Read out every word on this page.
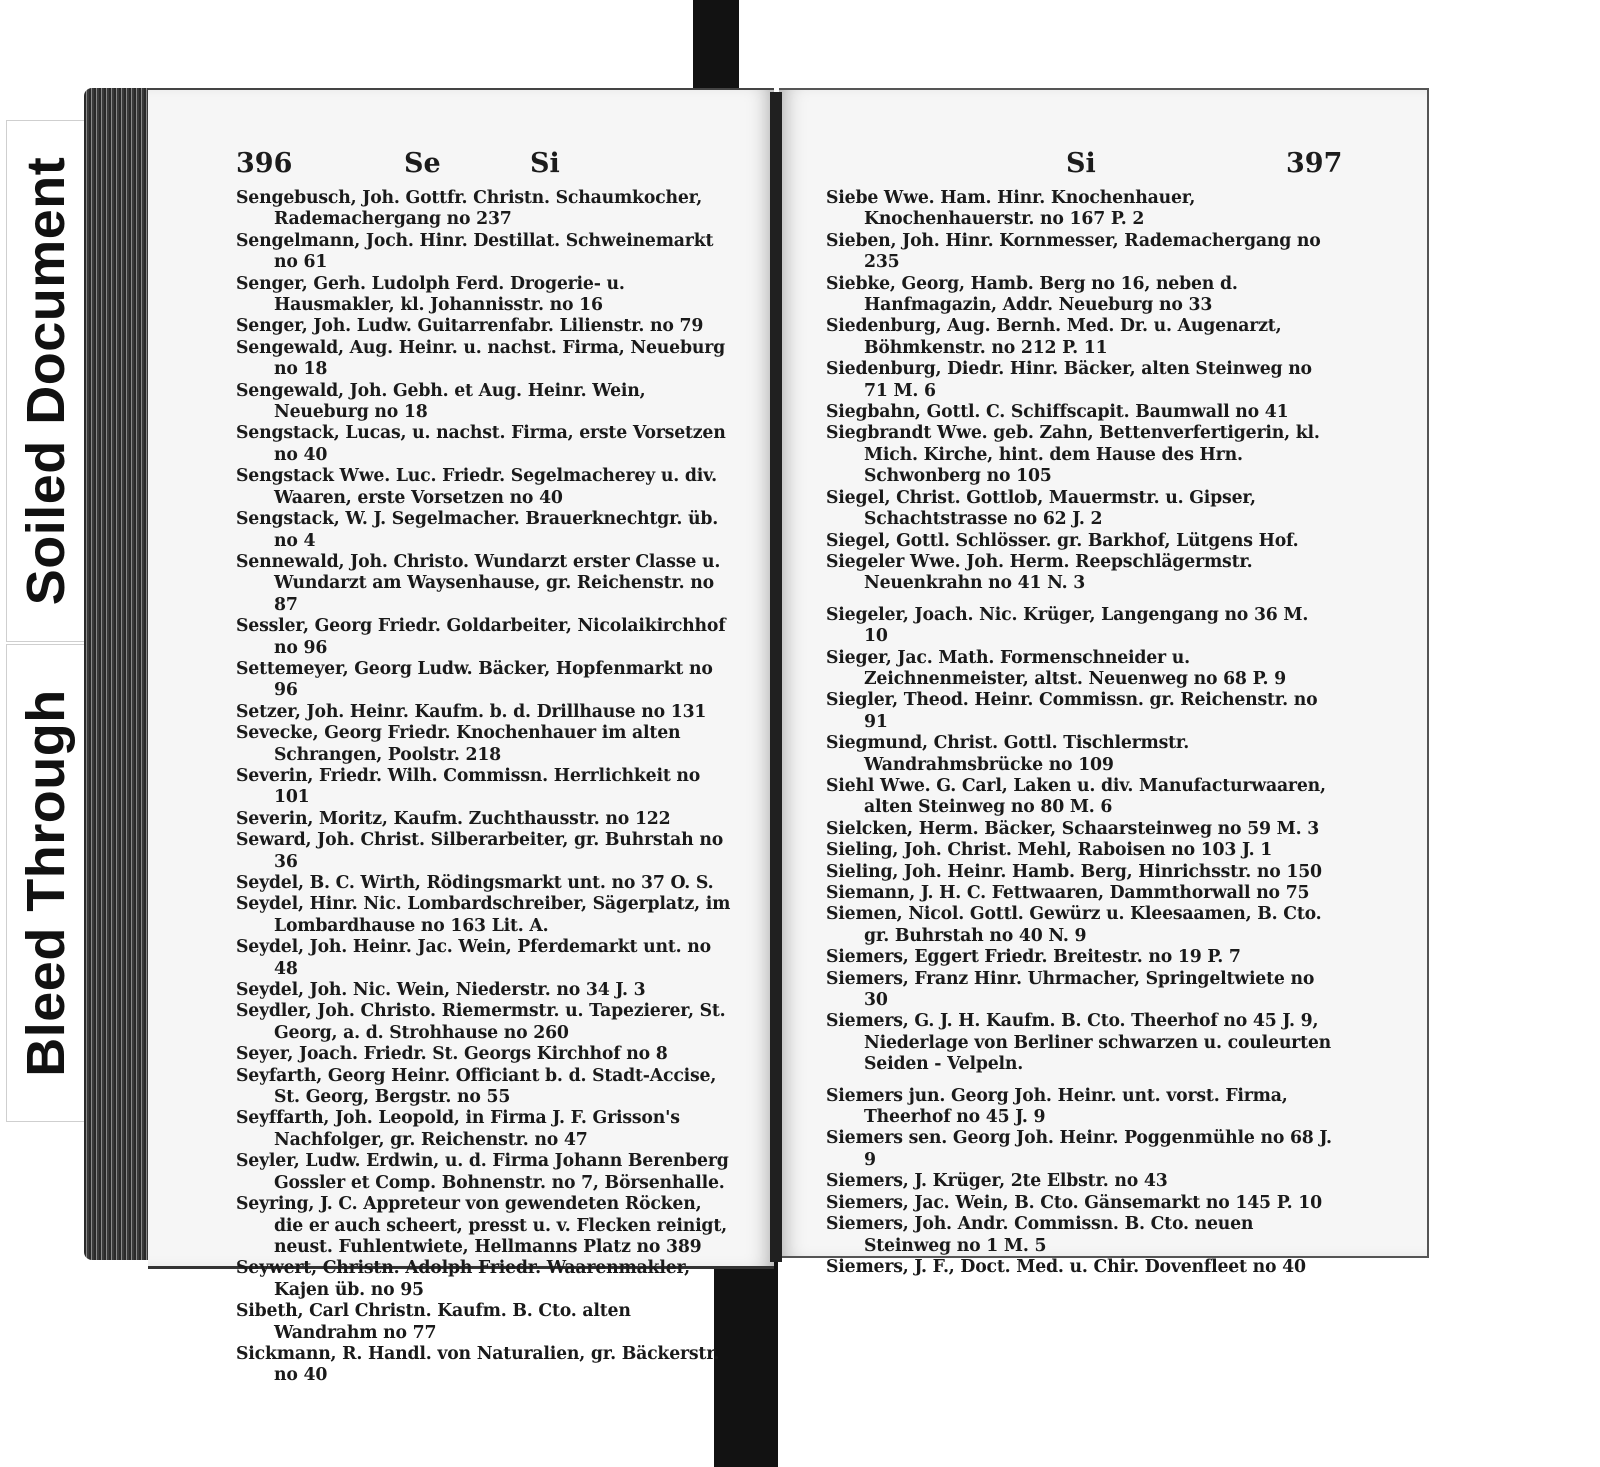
Soiled Document
Bleed Through
396	Se	Si	Si	397
Sengebusch, Joh. Gottfr. Christn. Schaumkocher, Rademachergang no 237
Sengelmann, Joch. Hinr. Destillat. Schweinemarkt no 61
Senger, Gerh. Ludolph Ferd. Drogerie- u. Hausmakler, kl. Johannisstr. no 16
Senger, Joh. Ludw. Guitarrenfabr. Lilienstr. no 79
Sengewald, Aug. Heinr. u. nachst. Firma, Neueburg no 18
Sengewald, Joh. Gebh. et Aug. Heinr. Wein, Neueburg no 18
Sengstack, Lucas, u. nachst. Firma, erste Vorsetzen no 40
Sengstack Wwe. Luc. Friedr. Segelmacherey u. div. Waaren, erste Vorsetzen no 40
Sengstack, W. J. Segelmacher. Brauerknechtgr. üb. no 4
Sennewald, Joh. Christo. Wundarzt erster Classe u. Wundarzt am Waysenhause, gr. Reichenstr. no 87
Sessler, Georg Friedr. Goldarbeiter, Nicolaikirchhof no 96
Settemeyer, Georg Ludw. Bäcker, Hopfenmarkt no 96
Setzer, Joh. Heinr. Kaufm. b. d. Drillhause no 131
Sevecke, Georg Friedr. Knochenhauer im alten Schrangen, Poolstr. 218
Severin, Friedr. Wilh. Commissn. Herrlichkeit no 101
Severin, Moritz, Kaufm. Zuchthausstr. no 122
Seward, Joh. Christ. Silberarbeiter, gr. Buhrstah no 36
Seydel, B. C. Wirth, Rödingsmarkt unt. no 37 O. S.
Seydel, Hinr. Nic. Lombardschreiber, Sägerplatz, im Lombardhause no 163 Lit. A.
Seydel, Joh. Heinr. Jac. Wein, Pferdemarkt unt. no 48
Seydel, Joh. Nic. Wein, Niederstr. no 34 J. 3
Seydler, Joh. Christo. Riemermstr. u. Tapezierer, St. Georg, a. d. Strohhause no 260
Seyer, Joach. Friedr. St. Georgs Kirchhof no 8
Seyfarth, Georg Heinr. Officiant b. d. Stadt-Accise, St. Georg, Bergstr. no 55
Seyffarth, Joh. Leopold, in Firma J. F. Grisson's Nachfolger, gr. Reichenstr. no 47
Seyler, Ludw. Erdwin, u. d. Firma Johann Berenberg Gossler et Comp. Bohnenstr. no 7, Börsenhalle.
Seyring, J. C. Appreteur von gewendeten Röcken, die er auch scheert, presst u. v. Flecken reinigt, neust. Fuhlentwiete, Hellmanns Platz no 389
Seywert, Christn. Adolph Friedr. Waarenmakler, Kajen üb. no 95
Sibeth, Carl Christn. Kaufm. B. Cto. alten Wandrahm no 77
Sickmann, R. Handl. von Naturalien, gr. Bäckerstr. no 40
Siebe Wwe. Ham. Hinr. Knochenhauer, Knochenhauerstr. no 167 P. 2
Sieben, Joh. Hinr. Kornmesser, Rademachergang no 235
Siebke, Georg, Hamb. Berg no 16, neben d. Hanfmagazin, Addr. Neueburg no 33
Siedenburg, Aug. Bernh. Med. Dr. u. Augenarzt, Böhmkenstr. no 212 P. 11
Siedenburg, Diedr. Hinr. Bäcker, alten Steinweg no 71 M. 6
Siegbahn, Gottl. C. Schiffscapit. Baumwall no 41
Siegbrandt Wwe. geb. Zahn, Bettenverfertigerin, kl. Mich. Kirche, hint. dem Hause des Hrn. Schwonberg no 105
Siegel, Christ. Gottlob, Mauermstr. u. Gipser, Schachtstrasse no 62 J. 2
Siegel, Gottl. Schlösser. gr. Barkhof, Lütgens Hof.
Siegeler Wwe. Joh. Herm. Reepschlägermstr. Neuenkrahn no 41 N. 3
Siegeler, Joach. Nic. Krüger, Langengang no 36 M. 10
Sieger, Jac. Math. Formenschneider u. Zeichnenmeister, altst. Neuenweg no 68 P. 9
Siegler, Theod. Heinr. Commissn. gr. Reichenstr. no 91
Siegmund, Christ. Gottl. Tischlermstr. Wandrahmsbrücke no 109
Siehl Wwe. G. Carl, Laken u. div. Manufacturwaaren, alten Steinweg no 80 M. 6
Sielcken, Herm. Bäcker, Schaarsteinweg no 59 M. 3
Sieling, Joh. Christ. Mehl, Raboisen no 103 J. 1
Sieling, Joh. Heinr. Hamb. Berg, Hinrichsstr. no 150
Siemann, J. H. C. Fettwaaren, Dammthorwall no 75
Siemen, Nicol. Gottl. Gewürz u. Kleesaamen, B. Cto. gr. Buhrstah no 40 N. 9
Siemers, Eggert Friedr. Breitestr. no 19 P. 7
Siemers, Franz Hinr. Uhrmacher, Springeltwiete no 30
Siemers, G. J. H. Kaufm. B. Cto. Theerhof no 45 J. 9, Niederlage von Berliner schwarzen u. couleurten Seiden - Velpeln.
Siemers jun. Georg Joh. Heinr. unt. vorst. Firma, Theerhof no 45 J. 9
Siemers sen. Georg Joh. Heinr. Poggenmühle no 68 J. 9
Siemers, J. Krüger, 2te Elbstr. no 43
Siemers, Jac. Wein, B. Cto. Gänsemarkt no 145 P. 10
Siemers, Joh. Andr. Commissn. B. Cto. neuen Steinweg no 1 M. 5
Siemers, J. F., Doct. Med. u. Chir. Dovenfleet no 40
